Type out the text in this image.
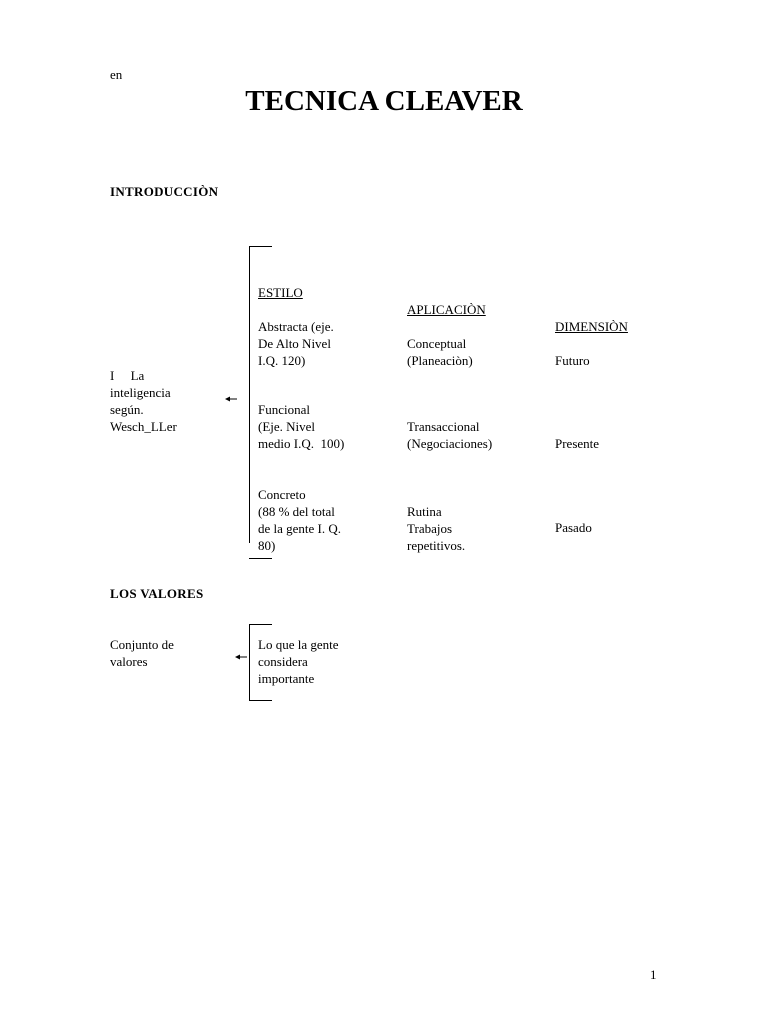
en
TECNICA CLEAVER
INTRODUCCIÒN
I     La
inteligencia
según.
Wesch_LLer
ESTILO
APLICACIÒN
DIMENSIÒN
Abstracta (eje.
De Alto Nivel
I.Q. 120)
Conceptual
(Planeaciòn)	Futuro
Funcional
(Eje. Nivel
medio I.Q.  100)
Transaccional
(Negociaciones)	Presente
Concreto
(88 % del total
de la gente I. Q.
80)
Rutina
Trabajos
repetitivos.
Pasado
LOS VALORES
Conjunto de
valores
Lo que la gente
considera
importante
1
